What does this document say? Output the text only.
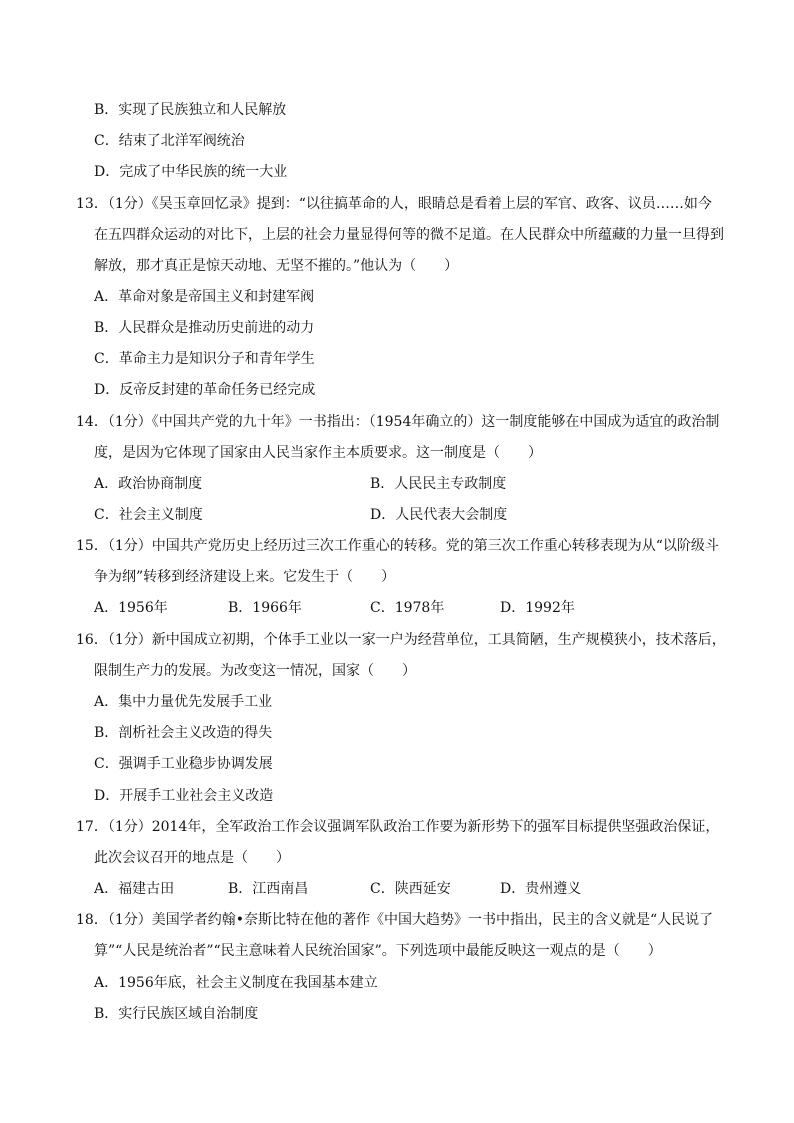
B．实现了民族独立和人民解放
C．结束了北洋军阀统治
D．完成了中华民族的统一大业
13．（1分）《吴玉章回忆录》提到：“以往搞革命的人，眼睛总是看着上层的军官、政客、议员……如今
在五四群众运动的对比下，上层的社会力量显得何等的微不足道。在人民群众中所蕴藏的力量一旦得到
解放，那才真正是惊天动地、无坚不摧的。”他认为（　　）
A．革命对象是帝国主义和封建军阀
B．人民群众是推动历史前进的动力
C．革命主力是知识分子和青年学生
D．反帝反封建的革命任务已经完成
14．（1分）《中国共产党的九十年》一书指出：（1954年确立的）这一制度能够在中国成为适宜的政治制
度，是因为它体现了国家由人民当家作主本质要求。这一制度是（　　）
A．政治协商制度	B．人民民主专政制度
C．社会主义制度	D．人民代表大会制度
15．（1分）中国共产党历史上经历过三次工作重心的转移。党的第三次工作重心转移表现为从“以阶级斗
争为纲”转移到经济建设上来。它发生于（　　）
A．1956年	B．1966年	C．1978年	D．1992年
16．（1分）新中国成立初期，个体手工业以一家一户为经营单位，工具简陋，生产规模狭小，技术落后，
限制生产力的发展。为改变这一情况，国家（　　）
A．集中力量优先发展手工业
B．剖析社会主义改造的得失
C．强调手工业稳步协调发展
D．开展手工业社会主义改造
17．（1分）2014年，全军政治工作会议强调军队政治工作要为新形势下的强军目标提供坚强政治保证，
此次会议召开的地点是（　　）
A．福建古田	B．江西南昌	C．陕西延安	D．贵州遵义
18．（1分）美国学者约翰•奈斯比特在他的著作《中国大趋势》一书中指出，民主的含义就是“人民说了
算”“人民是统治者”“民主意味着人民统治国家”。下列选项中最能反映这一观点的是（　　）
A．1956年底，社会主义制度在我国基本建立
B．实行民族区域自治制度
